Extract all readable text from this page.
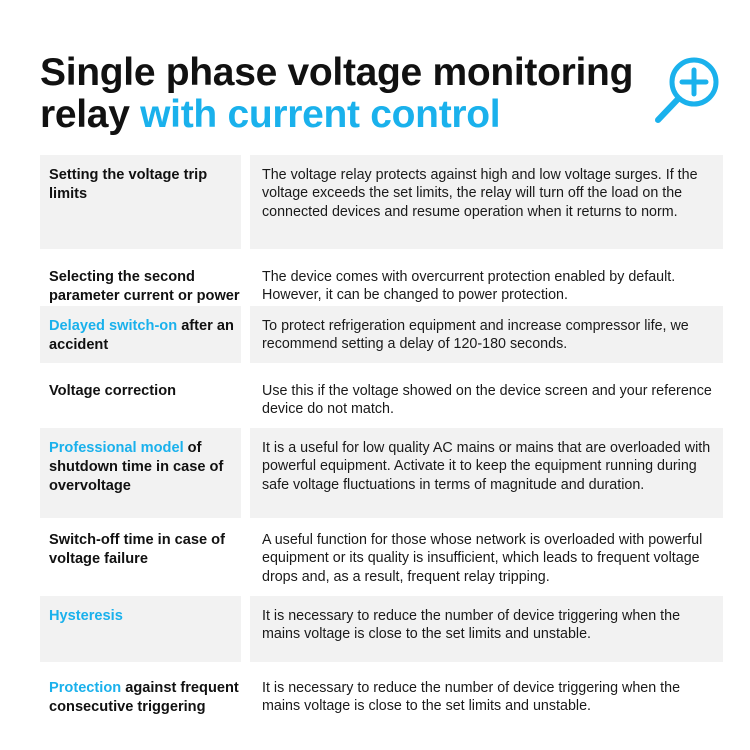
Single phase voltage monitoring
relay with current control
Setting the voltage trip limits
The voltage relay protects against high and low voltage surges. If the voltage exceeds the set limits, the relay will turn off the load on the connected devices and resume operation when it returns to norm.
Selecting the second parameter current or power
The device comes with overcurrent protection enabled by default. However, it can be changed to power protection.
Delayed switch-on after an accident
To protect refrigeration equipment and increase compressor life, we recommend setting a delay of 120-180 seconds.
Voltage correction	Use this if the voltage showed on the device screen and your reference device do not match.
Professional model of shutdown time in case of overvoltage
It is a useful for low quality AC mains or mains that are overloaded with powerful equipment. Activate it to keep the equipment running during safe voltage fluctuations in terms of magnitude and duration.
Switch-off time in case of voltage failure
A useful function for those whose network is overloaded with powerful equipment or its quality is insufficient, which leads to frequent voltage drops and, as a result, frequent relay tripping.
Hysteresis	It is necessary to reduce the number of device triggering when the mains voltage is close to the set limits and unstable.
Protection against frequent consecutive triggering
It is necessary to reduce the number of device triggering when the mains voltage is close to the set limits and unstable.
